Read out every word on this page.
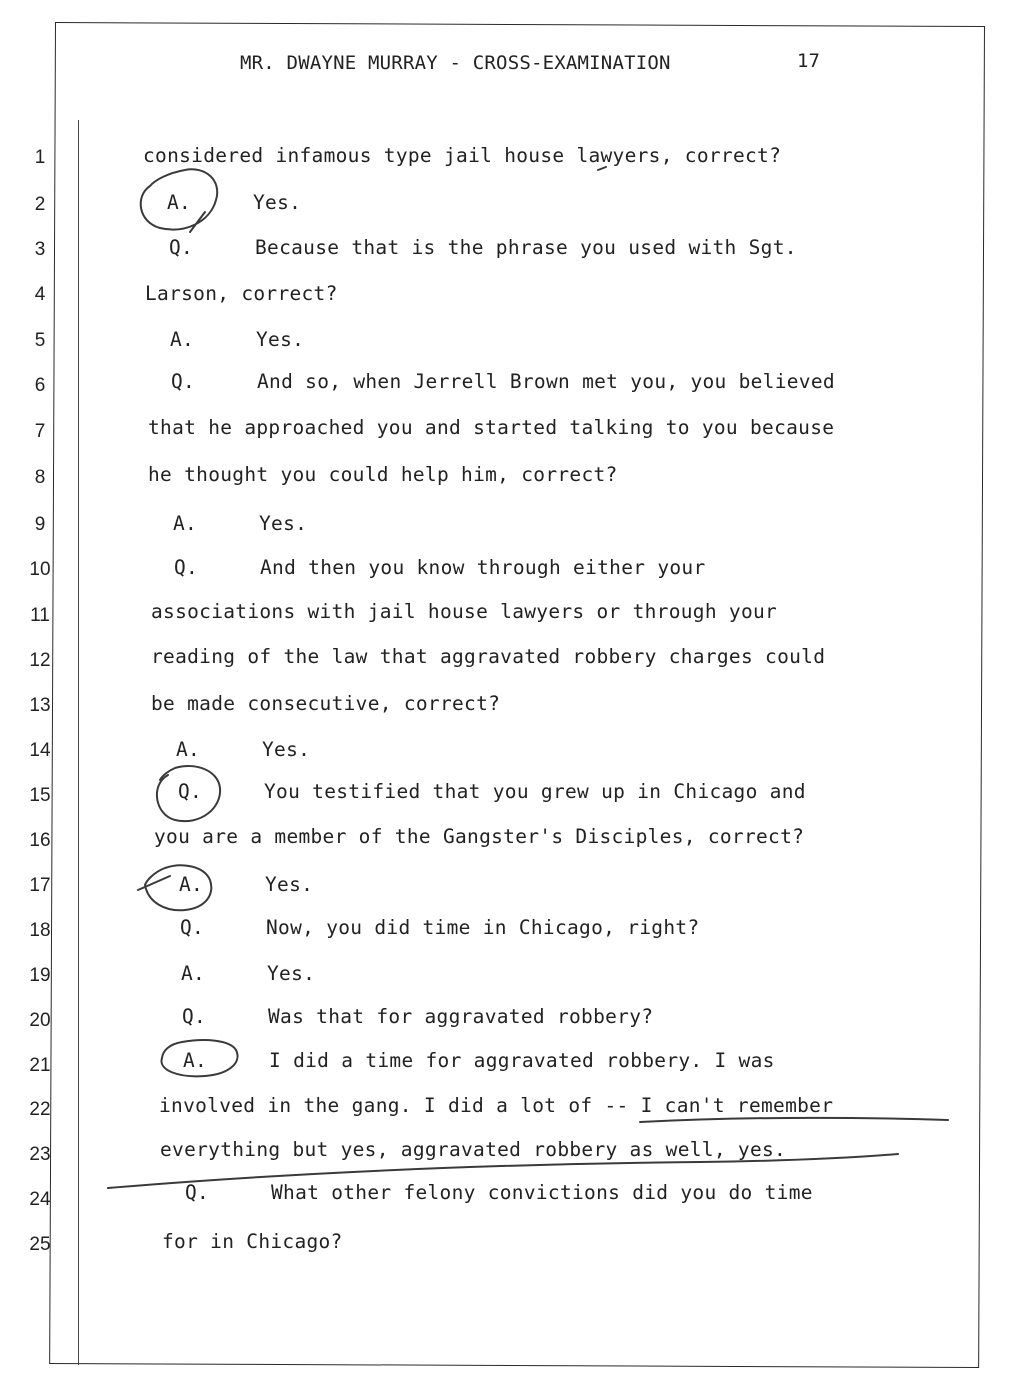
MR. DWAYNE MURRAY - CROSS-EXAMINATION	17
1
2
3
4
5
6
7
8
9
10
11
12
13
14
15
16
17
18
19
20
21
22
23
24
25
considered infamous type jail house lawyers, correct?
A.	Yes.
Q.	Because that is the phrase you used with Sgt.
Larson, correct?
A.	Yes.
Q.	And so, when Jerrell Brown met you, you believed
that he approached you and started talking to you because
he thought you could help him, correct?
A.	Yes.
Q.	And then you know through either your
associations with jail house lawyers or through your
reading of the law that aggravated robbery charges could
be made consecutive, correct?
A.	Yes.
Q.	You testified that you grew up in Chicago and
you are a member of the Gangster's Disciples, correct?
A.	Yes.
Q.	Now, you did time in Chicago, right?
A.	Yes.
Q.	Was that for aggravated robbery?
A.	I did a time for aggravated robbery. I was
involved in the gang. I did a lot of -- I can't remember
everything but yes, aggravated robbery as well, yes.
Q.	What other felony convictions did you do time
for in Chicago?
